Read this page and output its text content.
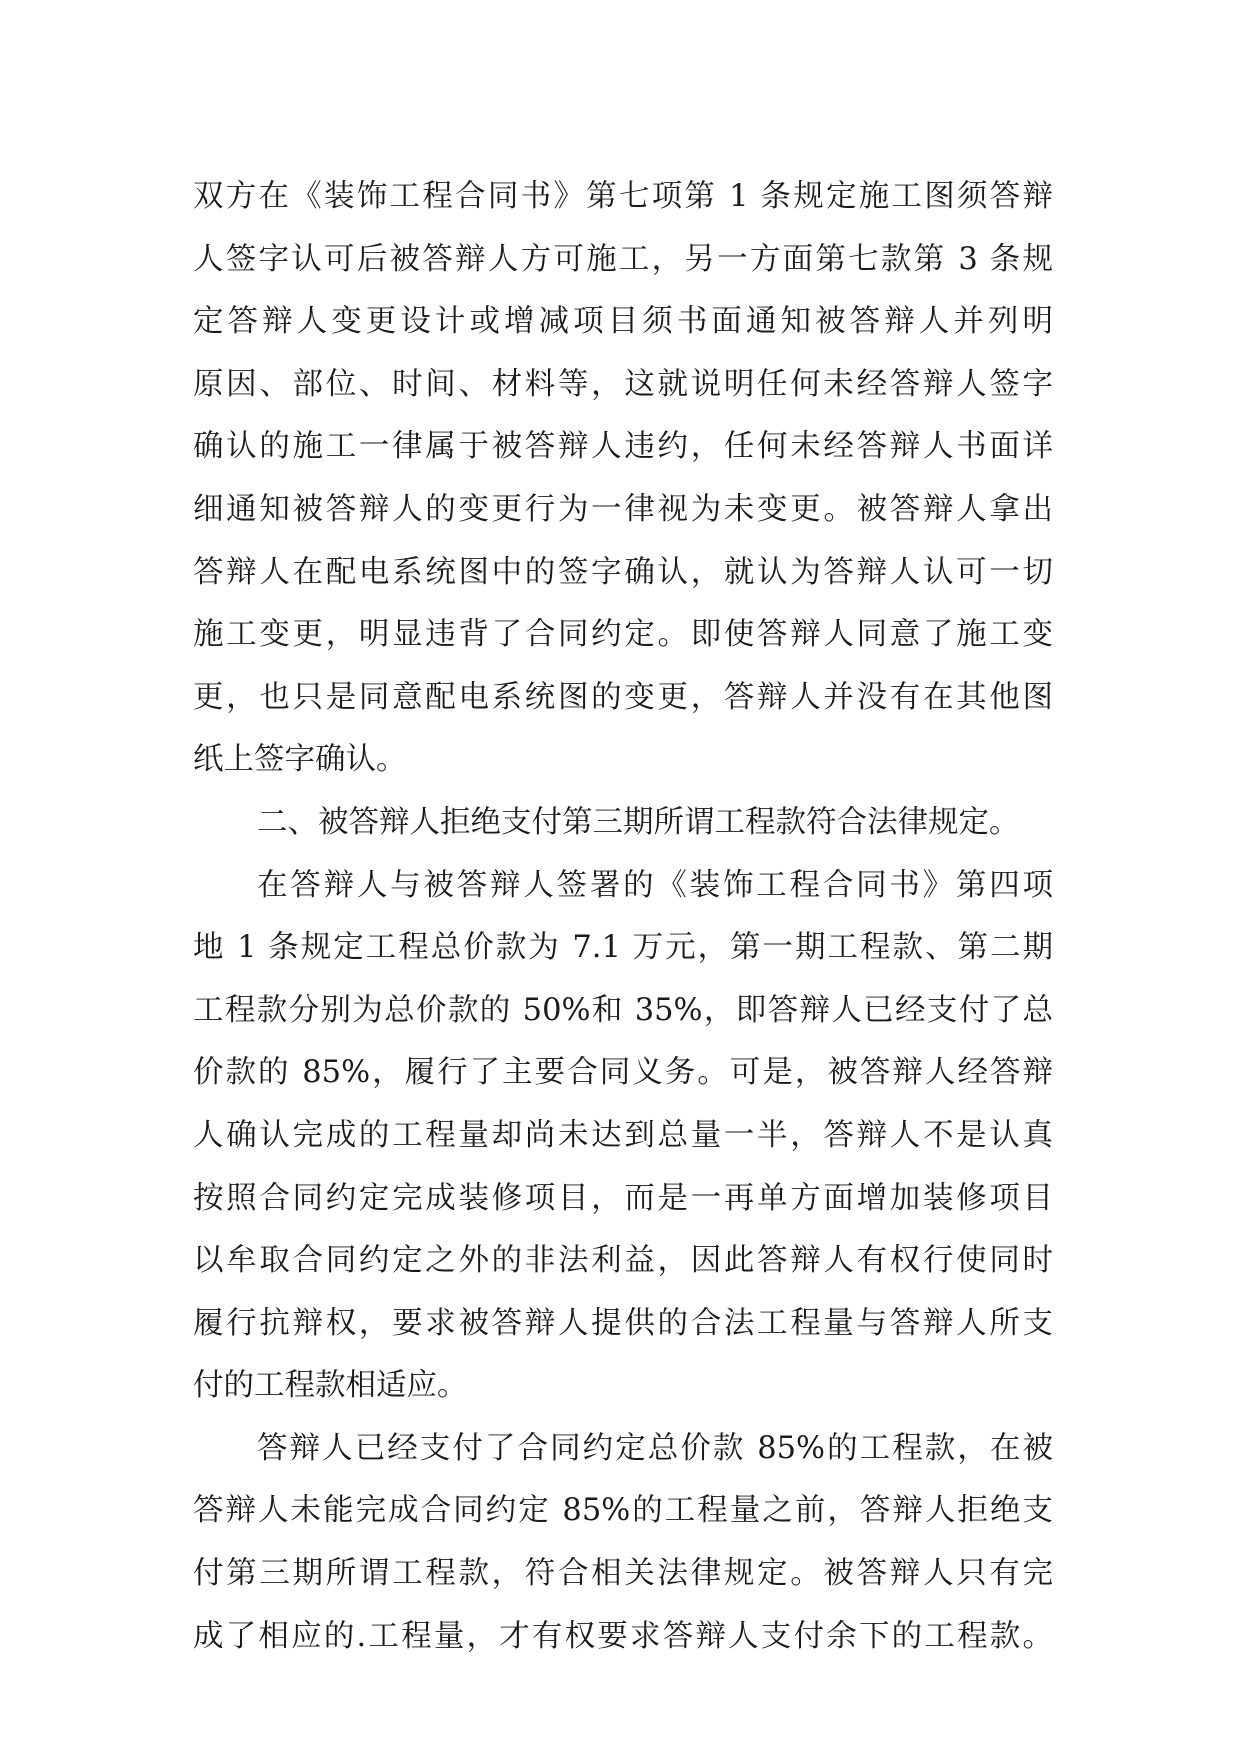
双方在《装饰工程合同书》第七项第 1 条规定施工图须答辩
人签字认可后被答辩人方可施工，另一方面第七款第 3 条规
定答辩人变更设计或增减项目须书面通知被答辩人并列明
原因、部位、时间、材料等，这就说明任何未经答辩人签字
确认的施工一律属于被答辩人违约，任何未经答辩人书面详
细通知被答辩人的变更行为一律视为未变更。被答辩人拿出
答辩人在配电系统图中的签字确认，就认为答辩人认可一切
施工变更，明显违背了合同约定。即使答辩人同意了施工变
更，也只是同意配电系统图的变更，答辩人并没有在其他图
纸上签字确认。
二、被答辩人拒绝支付第三期所谓工程款符合法律规定。
在答辩人与被答辩人签署的《装饰工程合同书》第四项
地 1 条规定工程总价款为 7.1 万元，第一期工程款、第二期
工程款分别为总价款的 50%和 35%，即答辩人已经支付了总
价款的 85%，履行了主要合同义务。可是，被答辩人经答辩
人确认完成的工程量却尚未达到总量一半，答辩人不是认真
按照合同约定完成装修项目，而是一再单方面增加装修项目
以牟取合同约定之外的非法利益，因此答辩人有权行使同时
履行抗辩权，要求被答辩人提供的合法工程量与答辩人所支
付的工程款相适应。
答辩人已经支付了合同约定总价款 85%的工程款，在被
答辩人未能完成合同约定 85%的工程量之前，答辩人拒绝支
付第三期所谓工程款，符合相关法律规定。被答辩人只有完
成了相应的.工程量，才有权要求答辩人支付余下的工程款。
